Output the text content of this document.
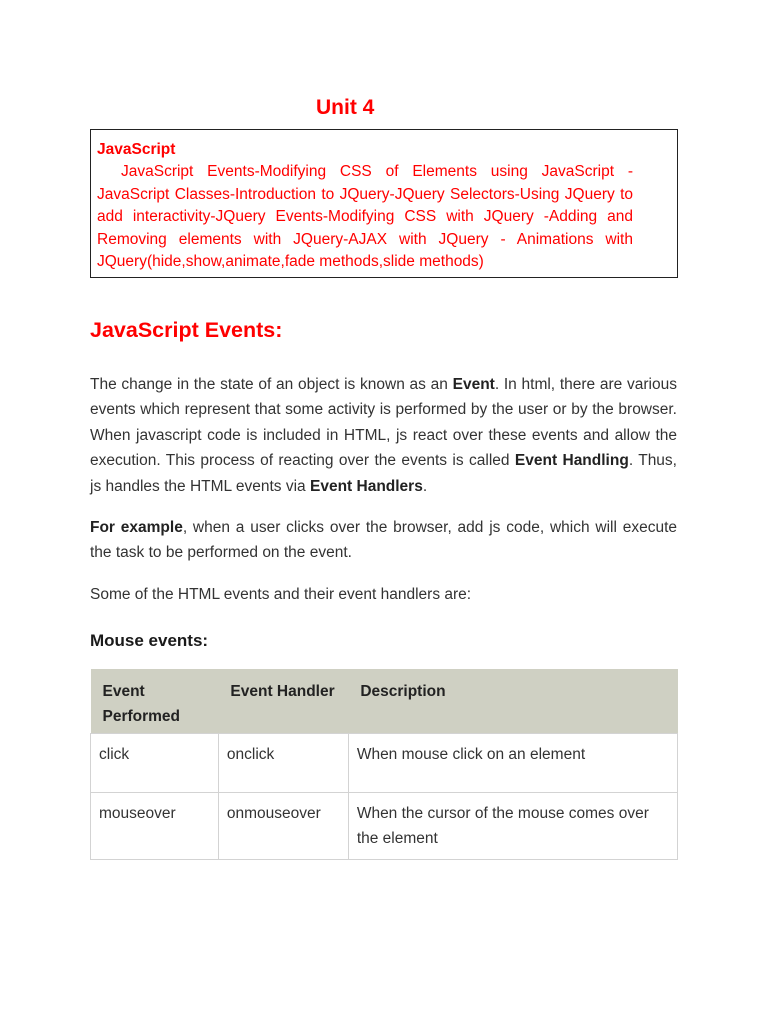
Unit 4
JavaScript

JavaScript Events-Modifying CSS of Elements using JavaScript -JavaScript Classes-Introduction to JQuery-JQuery Selectors-Using JQuery to add interactivity-JQuery Events-Modifying CSS with JQuery -Adding and Removing elements with JQuery-AJAX with JQuery - Animations with JQuery(hide,show,animate,fade methods,slide methods)

JavaScript Events:

The change in the state of an object is known as an Event. In html, there are various events which represent that some activity is performed by the user or by the browser. When javascript code is included in HTML, js react over these events and allow the execution. This process of reacting over the events is called Event Handling. Thus, js handles the HTML events via Event Handlers.

For example, when a user clicks over the browser, add js code, which will execute the task to be performed on the event.

Some of the HTML events and their event handlers are:

Mouse events:
Event Performed	Event Handler	Description
click	onclick	When mouse click on an element
mouseover	onmouseover	When the cursor of the mouse comes over the element
